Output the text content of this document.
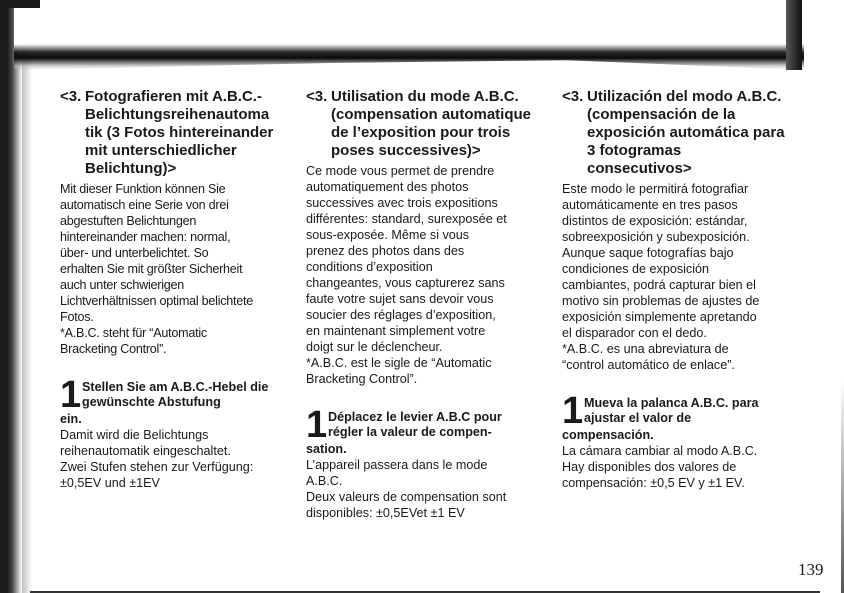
<3. Fotografieren mit A.B.C.-Belichtungsreihenautoma tik (3 Fotos hintereinander mit unterschiedlicher Belichtung)>

Mit dieser Funktion können Sie

automatisch eine Serie von drei

abgestuften Belichtungen

hintereinander machen: normal,

über- und unterbelichtet. So

erhalten Sie mit größter Sicherheit

auch unter schwierigen

Lichtverhältnissen optimal belichtete

Fotos.

*A.B.C. steht für “Automatic

Bracketing Control”.

1 Stellen Sie am A.B.C.-Hebel die gewünschte Abstufung

ein.

Damit wird die Belichtungs

reihenautomatik eingeschaltet.

Zwei Stufen stehen zur Verfügung:

±0,5EV und ±1EV

<3. Utilisation du mode A.B.C. (compensation automatique de l’exposition pour trois poses successives)>

Ce mode vous permet de prendre

automatiquement des photos

successives avec trois expositions

différentes: standard, surexposée et

sous-exposée. Même si vous

prenez des photos dans des

conditions d’exposition

changeantes, vous capturerez sans

faute votre sujet sans devoir vous

soucier des réglages d’exposition,

en maintenant simplement votre

doigt sur le déclencheur.

*A.B.C. est le sigle de “Automatic

Bracketing Control”.

1 Déplacez le levier A.B.C pour régler la valeur de compen-

sation.

L’appareil passera dans le mode

A.B.C.

Deux valeurs de compensation sont

disponibles: ±0,5EVet ±1 EV

<3. Utilización del modo A.B.C. (compensación de la exposición automática para 3 fotogramas consecutivos>

Este modo le permitirá fotografiar

automáticamente en tres pasos

distintos de exposición: estándar,

sobreexposición y subexposición.

Aunque saque fotografías bajo

condiciones de exposición

cambiantes, podrá capturar bien el

motivo sin problemas de ajustes de

exposición simplemente apretando

el disparador con el dedo.

*A.B.C. es una abreviatura de

“control automático de enlace”.

1 Mueva la palanca A.B.C. para ajustar el valor de

compensación.

La cámara cambiar al modo A.B.C.

Hay disponibles dos valores de

compensación: ±0,5 EV y ±1 EV.

139
